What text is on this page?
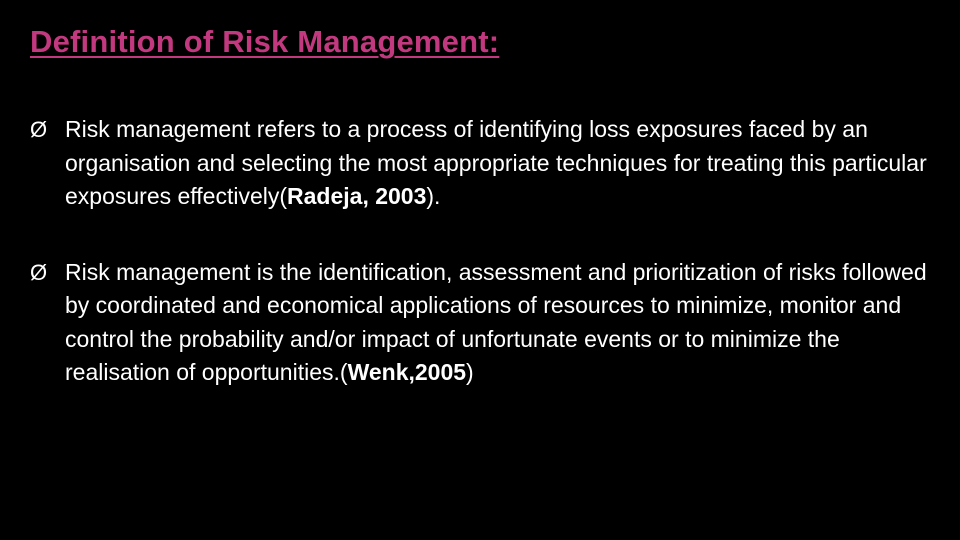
Definition of Risk Management:
Ø Risk management refers to a process of identifying loss exposures faced by an organisation and selecting the most appropriate techniques for treating this particular exposures effectively(Radeja, 2003).
Ø Risk management is the identification, assessment and prioritization of risks followed by coordinated and economical applications of resources to minimize, monitor and control the probability and/or impact of unfortunate events or to minimize the realisation of opportunities.(Wenk,2005)
